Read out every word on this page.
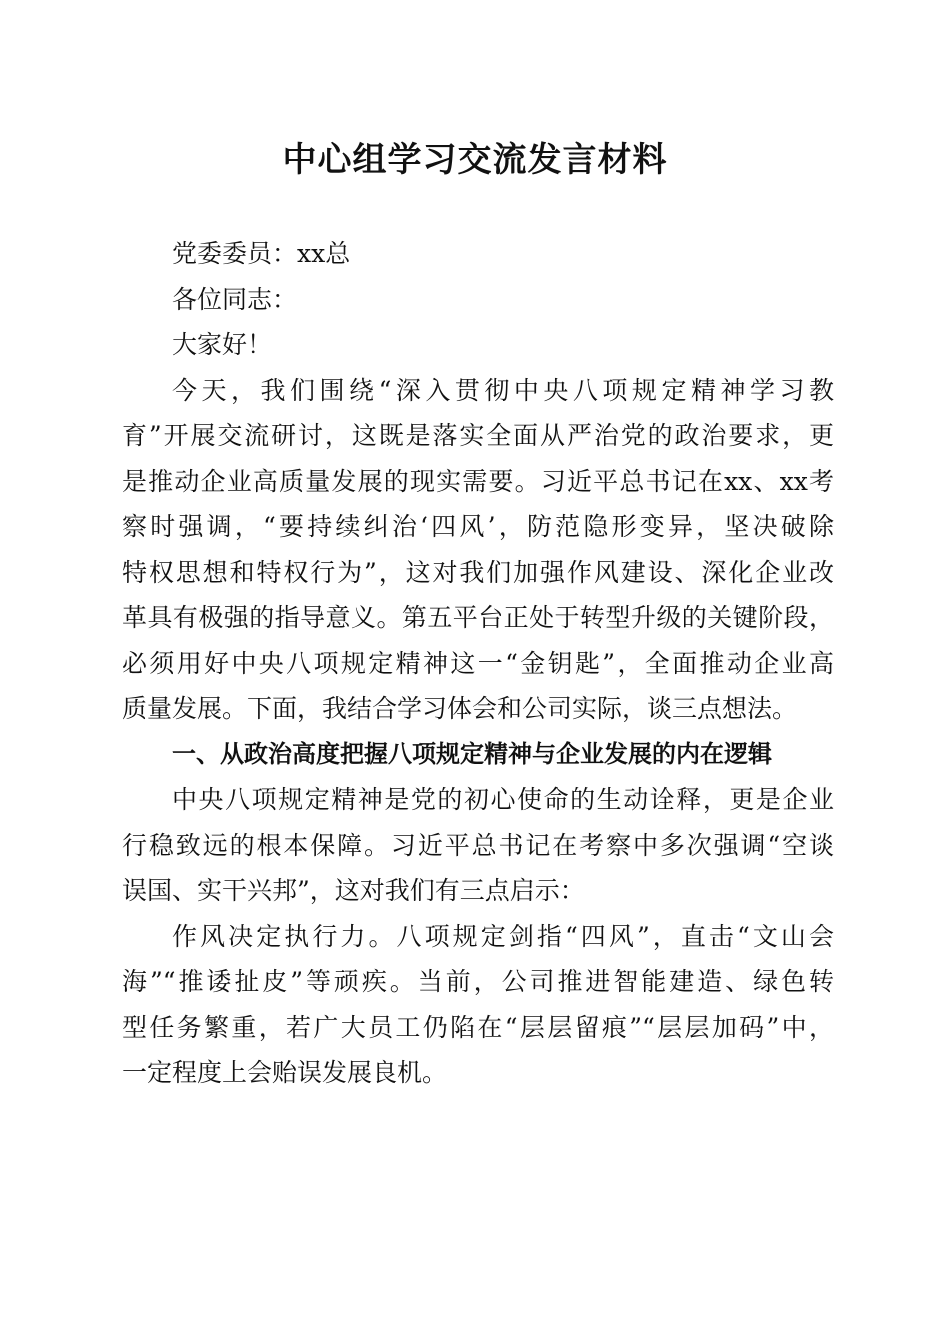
中心组学习交流发言材料
党委委员：xx总
各位同志：
大家好！
今天，我们围绕“深入贯彻中央八项规定精神学习教
育”开展交流研讨，这既是落实全面从严治党的政治要求，更
是推动企业高质量发展的现实需要。习近平总书记在xx、xx考
察时强调，“要持续纠治‘四风’，防范隐形变异，坚决破除
特权思想和特权行为”，这对我们加强作风建设、深化企业改
革具有极强的指导意义。第五平台正处于转型升级的关键阶段，
必须用好中央八项规定精神这一“金钥匙”，全面推动企业高
质量发展。下面，我结合学习体会和公司实际，谈三点想法。
一、从政治高度把握八项规定精神与企业发展的内在逻辑
中央八项规定精神是党的初心使命的生动诠释，更是企业
行稳致远的根本保障。习近平总书记在考察中多次强调“空谈
误国、实干兴邦”，这对我们有三点启示：
作风决定执行力。八项规定剑指“四风”，直击“文山会
海”“推诿扯皮”等顽疾。当前，公司推进智能建造、绿色转
型任务繁重，若广大员工仍陷在“层层留痕”“层层加码”中，
一定程度上会贻误发展良机。
